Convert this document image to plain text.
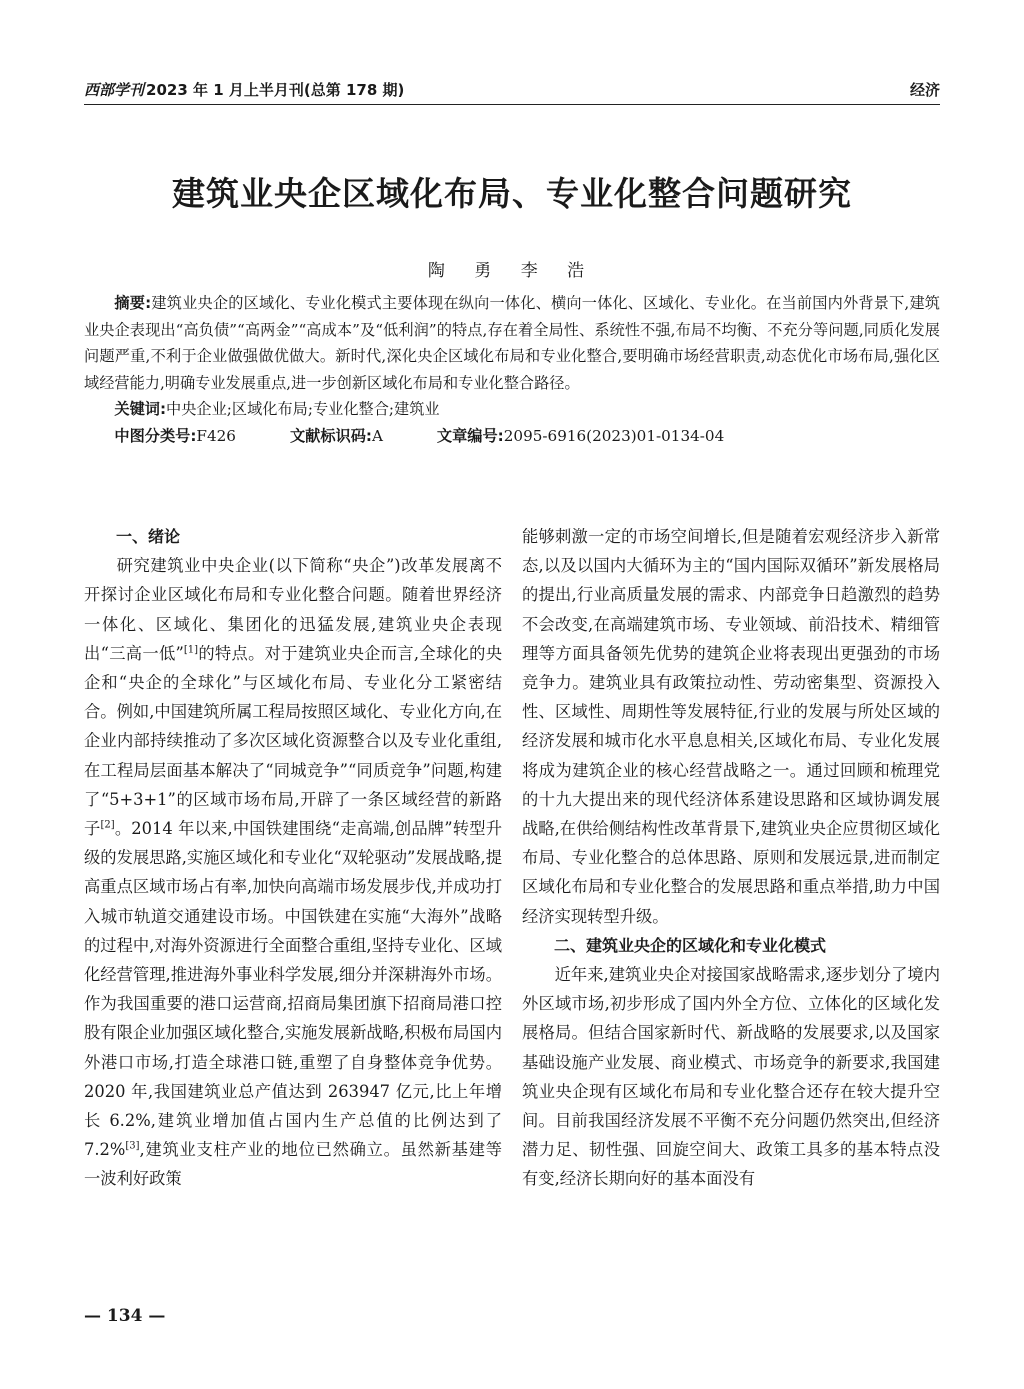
西部学刊 2023 年 1 月上半月刊(总第 178 期)	经济
建筑业央企区域化布局、专业化整合问题研究
陶 勇 李 浩

摘要:建筑业央企的区域化、专业化模式主要体现在纵向一体化、横向一体化、区域化、专业化。在当前国内外背景下,建筑业央企表现出“高负债”“高两金”“高成本”及“低利润”的特点,存在着全局性、系统性不强,布局不均衡、不充分等问题,同质化发展问题严重,不利于企业做强做优做大。新时代,深化央企区域化布局和专业化整合,要明确市场经营职责,动态优化市场布局,强化区域经营能力,明确专业发展重点,进一步创新区域化布局和专业化整合路径。

关键词:中央企业;区域化布局;专业化整合;建筑业

中图分类号:F426	文献标识码:A	文章编号:2095-6916(2023)01-0134-04

一、绪论

研究建筑业中央企业(以下简称“央企”)改革发展离不开探讨企业区域化布局和专业化整合问题。随着世界经济一体化、区域化、集团化的迅猛发展,建筑业央企表现出“三高一低”[1]的特点。对于建筑业央企而言,全球化的央企和“央企的全球化”与区域化布局、专业化分工紧密结合。例如,中国建筑所属工程局按照区域化、专业化方向,在企业内部持续推动了多次区域化资源整合以及专业化重组,在工程局层面基本解决了“同城竞争”“同质竞争”问题,构建了“5+3+1”的区域市场布局,开辟了一条区域经营的新路子[2]。2014 年以来,中国铁建围绕“走高端,创品牌”转型升级的发展思路,实施区域化和专业化“双轮驱动”发展战略,提高重点区域市场占有率,加快向高端市场发展步伐,并成功打入城市轨道交通建设市场。中国铁建在实施“大海外”战略的过程中,对海外资源进行全面整合重组,坚持专业化、区域化经营管理,推进海外事业科学发展,细分并深耕海外市场。作为我国重要的港口运营商,招商局集团旗下招商局港口控股有限企业加强区域化整合,实施发展新战略,积极布局国内外港口市场,打造全球港口链,重塑了自身整体竞争优势。2020 年,我国建筑业总产值达到 263947 亿元,比上年增长 6.2%,建筑业增加值占国内生产总值的比例达到了 7.2%[3],建筑业支柱产业的地位已然确立。虽然新基建等一波利好政策

能够刺激一定的市场空间增长,但是随着宏观经济步入新常态,以及以国内大循环为主的“国内国际双循环”新发展格局的提出,行业高质量发展的需求、内部竞争日趋激烈的趋势不会改变,在高端建筑市场、专业领域、前沿技术、精细管理等方面具备领先优势的建筑企业将表现出更强劲的市场竞争力。建筑业具有政策拉动性、劳动密集型、资源投入性、区域性、周期性等发展特征,行业的发展与所处区域的经济发展和城市化水平息息相关,区域化布局、专业化发展将成为建筑企业的核心经营战略之一。通过回顾和梳理党的十九大提出来的现代经济体系建设思路和区域协调发展战略,在供给侧结构性改革背景下,建筑业央企应贯彻区域化布局、专业化整合的总体思路、原则和发展远景,进而制定区域化布局和专业化整合的发展思路和重点举措,助力中国经济实现转型升级。

二、建筑业央企的区域化和专业化模式

近年来,建筑业央企对接国家战略需求,逐步划分了境内外区域市场,初步形成了国内外全方位、立体化的区域化发展格局。但结合国家新时代、新战略的发展要求,以及国家基础设施产业发展、商业模式、市场竞争的新要求,我国建筑业央企现有区域化布局和专业化整合还存在较大提升空间。目前我国经济发展不平衡不充分问题仍然突出,但经济潜力足、韧性强、回旋空间大、政策工具多的基本特点没有变,经济长期向好的基本面没有

— 134 —
